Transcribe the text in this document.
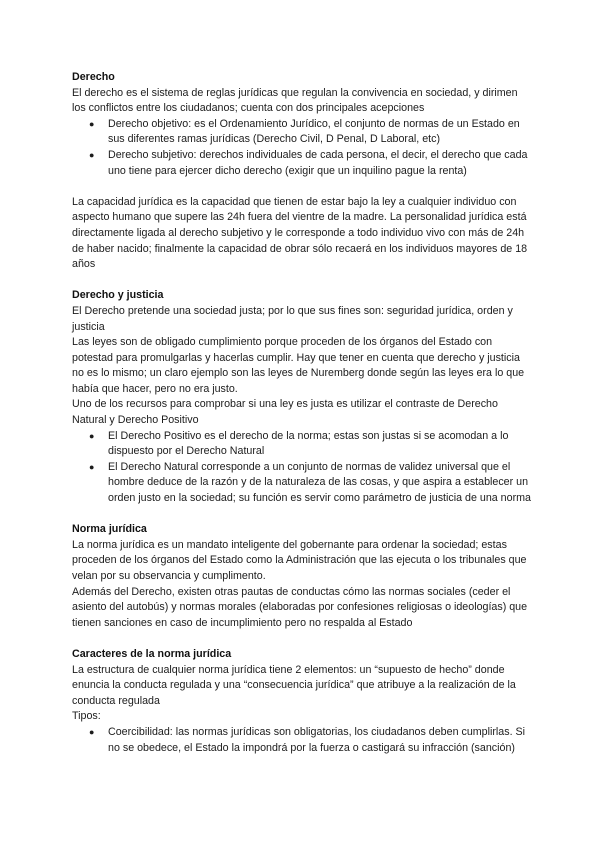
Derecho

El derecho es el sistema de reglas jurídicas que regulan la convivencia en sociedad, y dirimen los conflictos entre los ciudadanos; cuenta con dos principales acepciones

● Derecho objetivo: es el Ordenamiento Jurídico, el conjunto de normas de un Estado en sus diferentes ramas jurídicas (Derecho Civil, D Penal, D Laboral, etc)
● Derecho subjetivo: derechos individuales de cada persona, el decir, el derecho que cada uno tiene para ejercer dicho derecho (exigir que un inquilino pague la renta)

La capacidad jurídica es la capacidad que tienen de estar bajo la ley a cualquier individuo con aspecto humano que supere las 24h fuera del vientre de la madre. La personalidad jurídica está directamente ligada al derecho subjetivo y le corresponde a todo individuo vivo con más de 24h de haber nacido; finalmente la capacidad de obrar sólo recaerá en los individuos mayores de 18 años

Derecho y justicia

El Derecho pretende una sociedad justa; por lo que sus fines son: seguridad jurídica, orden y justicia

Las leyes son de obligado cumplimiento porque proceden de los órganos del Estado con potestad para promulgarlas y hacerlas cumplir. Hay que tener en cuenta que derecho y justicia no es lo mismo; un claro ejemplo son las leyes de Nuremberg donde según las leyes era lo que había que hacer, pero no era justo.

Uno de los recursos para comprobar si una ley es justa es utilizar el contraste de Derecho Natural y Derecho Positivo

● El Derecho Positivo es el derecho de la norma; estas son justas si se acomodan a lo dispuesto por el Derecho Natural
● El Derecho Natural corresponde a un conjunto de normas de validez universal que el hombre deduce de la razón y de la naturaleza de las cosas, y que aspira a establecer un orden justo en la sociedad; su función es servir como parámetro de justicia de una norma
Norma jurídica

La norma jurídica es un mandato inteligente del gobernante para ordenar la sociedad; estas proceden de los órganos del Estado como la Administración que las ejecuta o los tribunales que velan por su observancia y cumplimento.

Además del Derecho, existen otras pautas de conductas cómo las normas sociales (ceder el asiento del autobús) y normas morales (elaboradas por confesiones religiosas o ideologías) que tienen sanciones en caso de incumplimiento pero no respalda al Estado

Caracteres de la norma jurídica

La estructura de cualquier norma jurídica tiene 2 elementos: un “supuesto de hecho” donde enuncia la conducta regulada y una “consecuencia jurídica” que atribuye a la realización de la conducta regulada

Tipos:

● Coercibilidad: las normas jurídicas son obligatorias, los ciudadanos deben cumplirlas. Si no se obedece, el Estado la impondrá por la fuerza o castigará su infracción (sanción)
